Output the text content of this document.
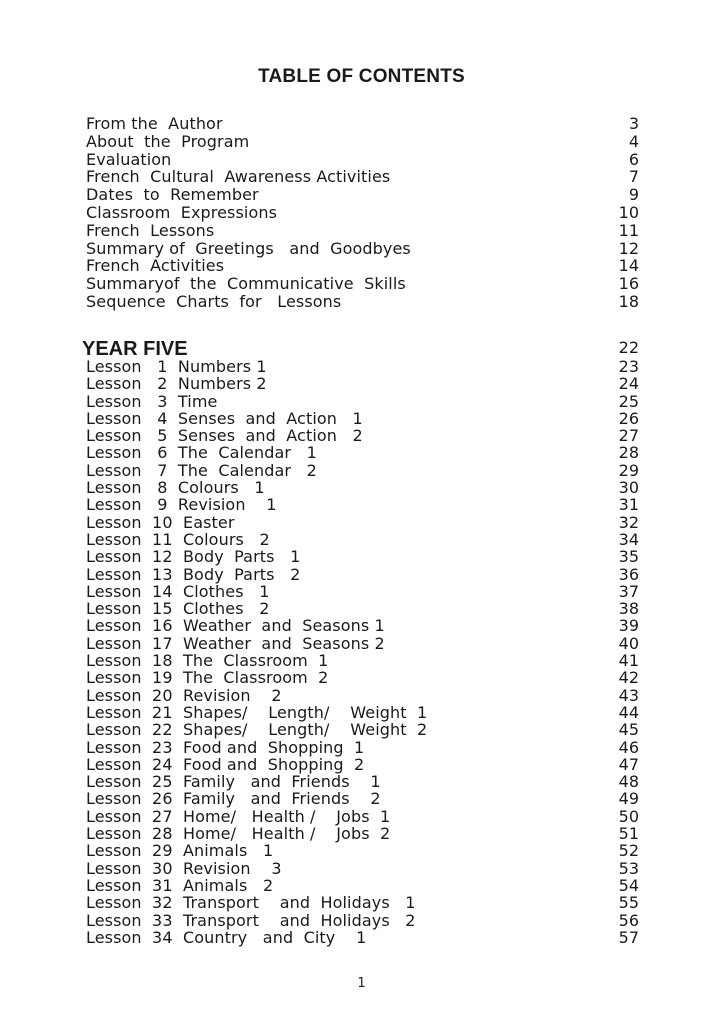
TABLE OF CONTENTS
From the  Author	3
About  the  Program	4
Evaluation	6
French  Cultural  Awareness Activities	7
Dates  to  Remember	9
Classroom  Expressions	10
French  Lessons	11
Summary of  Greetings   and  Goodbyes	12
French  Activities	14
Summaryof  the  Communicative  Skills	16
Sequence  Charts  for   Lessons	18
YEAR FIVE	22
Lesson   1  Numbers 1	23
Lesson   2  Numbers 2	24
Lesson   3  Time	25
Lesson   4  Senses  and  Action   1	26
Lesson   5  Senses  and  Action   2	27
Lesson   6  The  Calendar   1	28
Lesson   7  The  Calendar   2	29
Lesson   8  Colours   1	30
Lesson   9  Revision    1	31
Lesson  10  Easter	32
Lesson  11  Colours   2	34
Lesson  12  Body  Parts   1	35
Lesson  13  Body  Parts   2	36
Lesson  14  Clothes   1	37
Lesson  15  Clothes   2	38
Lesson  16  Weather  and  Seasons 1	39
Lesson  17  Weather  and  Seasons 2	40
Lesson  18  The  Classroom  1	41
Lesson  19  The  Classroom  2	42
Lesson  20  Revision    2	43
Lesson  21  Shapes/    Length/    Weight  1	44
Lesson  22  Shapes/    Length/    Weight  2	45
Lesson  23  Food and  Shopping  1	46
Lesson  24  Food and  Shopping  2	47
Lesson  25  Family   and  Friends    1	48
Lesson  26  Family   and  Friends    2	49
Lesson  27  Home/   Health /    Jobs  1	50
Lesson  28  Home/   Health /    Jobs  2	51
Lesson  29  Animals   1	52
Lesson  30  Revision    3	53
Lesson  31  Animals   2	54
Lesson  32  Transport    and  Holidays   1	55
Lesson  33  Transport    and  Holidays   2	56
Lesson  34  Country   and  City    1	57
1
